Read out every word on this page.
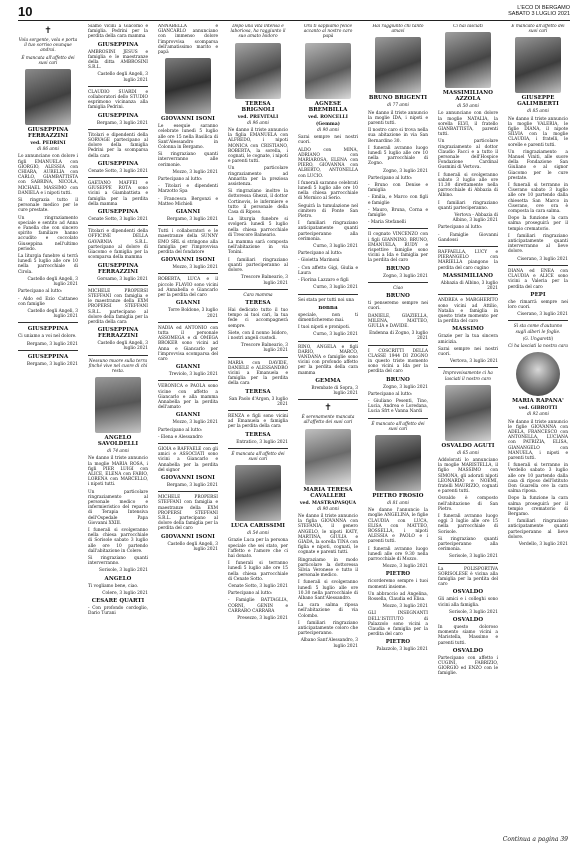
10	L'ECO DI BERGAMO
SABATO 3 LUGLIO 2021
✝

Vola sorgente, vola e porta il tuo sorriso ovunque andrai.

È mancata all'affetto dei suoi cari

GIUSEPPINA FERRAZZINI
ved. PEDRINI

di 86 anni

Lo annunciano con dolore i figli EMANUELA con GIORGIO, ALESSIA con CHIARA, AURELIA con CARLO, GIAMBATTISTA con SABRINA, NICOLA, MICHAEL MASSIMO con DANIELA e i nipoti tutti.

Si ringrazia tutto il personale medico per le cure prestate.

Un ringraziamento speciale e sentito ad Anna e Fanella che con sincero spirito familiare hanno accudito e coccolato Giuseppina nell'ultimo periodo.

La liturgia funebre si terrà lunedì 5 luglio alle ore 10 nella parrocchiale di Cirola.

Castello degli Angeli, 3 luglio 2021

Partecipano al lutto:

- Aldo ed Ezio Cattaneo con famiglie

Castello degli Angeli, 3 luglio 2021

GIUSEPPINA

Ci uniamo a voi nel dolore.

Bergamo, 3 luglio 2021

GIUSEPPINA

Bergamo, 3 luglio 2021

Siamo vicini a Giacomo e famiglia. Pedrini per la perdita della cara mamma

GIUSEPPINA

AMBROSINI JESUS e famiglia e le maestranze della ditta AMBROSINI S.R.L.

Castello degli Angeli, 3 luglio 2021

CLAUDIO SUARDI e collaboratori dello STUDIO esprimono vicinanza alla famiglia Pedrini.

GIUSEPPINA

Bergamo, 3 luglio 2021

Titolari e dipendenti della SORVAGE partecipano al dolore della famiglia Pedrini per la scomparsa della cara

GIUSEPPINA

Cenate Sotto, 3 luglio 2021

GAETANO MAFFEI e GIUSEPPE ROTA sono vicini a Giambattista e famiglia per la perdita della mamma

GIUSEPPINA

Cenate Sotto, 3 luglio 2021

Titolari e dipendenti della OFFICINE DELLA GAVARNIA S.R.L. partecipano al dolore di Giacomo e famiglia per la scomparsa della mamma

GIUSEPPINA FERRAZZINI

Gorsamo, 3 luglio 2021

MICHELE PROPERSI STEFFANI con famiglia e le maestranze della EXM PROPERSI STEFFANI S.R.L. partecipano al dolore della famiglia per la perdita della cara

GIUSEPPINA FERRAZZINI

Castello degli Angeli, 3 luglio 2021

Nessuno muore sulla terra finché vive nel cuore di chi resta.

ANGELO SAVOLDELLI

di 74 anni

Ne danno il triste annuncio la moglie MARIA ROSA, i figli PIER LUIGI con ALICE, ELENA con FABIO, LORENA con MARCELLO, i nipoti tutti.

Un particolare ringraziamento al personale medico e infermieristico del reparto di Terapia Intensiva dell'Ospedale Papa Giovanni XXIII.

I funerali si svolgeranno nella chiesa parrocchiale di Sorisole sabato 3 luglio alle ore 10 partendo dall'abitazione in Colere.

Si ringraziano quanti interverranno.

Sorisole, 3 luglio 2021

ANGELO

Ti vogliamo bene, ciao.

Colere, 3 luglio 2021

CESARE QUARTI

- Con profondo cordoglio, Dario Turani

ANNABELLA e GIANCARLO annunciano con immenso dolore l'improvvisa scomparsa dell'amatissimo marito e papà

GIOVANNI ISONI

Le esequie saranno celebrate lunedì 5 luglio alle ore 15 nella Basilica di Sant'Alessandro in Colonna in Bergamo.

Si ringraziano quanti interverranno alle cerimonie.

Mozzo, 3 luglio 2021

Partecipano al lutto:

- Titolari e dipendenti Marzotto Spa

- Francesca Bergonzi e Matteo Michieli

GIANNI

Bergamo, 3 luglio 2021

Tutti i collaboratori e le maestranze della SUNNY EMO SRL si stringono alla famiglia per l'improvvisa perdita del fondatore

GIOVANNI ISONI

Mozzo, 3 luglio 2021

ROBERTA, LUCA e il piccolo FLAVIO sono vicini ad Annabella e Giancarlo per la perdita del caro

GIANNI

Torre Boldone, 3 luglio 2021

NADIA ed ANTONIO con tutta il personale ASSOMEGA e di OMEGA BROKER sono vicini ad Anna e Giancarlo per l'improvvisa scomparsa del caro

GIANNI

Treviolo, 3 luglio 2021

VERONICA e PAOLA sono vicine con affetto a Giancarlo e alla mamma Annabella per la perdita dell'amato

GIANNI

Mozzo, 3 luglio 2021

Partecipano al lutto:

- Elena e Alessandro

GIOIA e RAFFAELE con gli amici e ASSOCIATI sono vicini a Giancarlo e Annabella per la perdita del signor

GIOVANNI ISONI

Bergamo, 3 luglio 2021

MICHELE PROPERSI STEFFANI con famiglia e maestranze della EXM PROPERSI STEFFANI S.R.L. partecipano al dolore della famiglia per la perdita del caro

GIOVANNI ISONI

Castello degli Angeli, 3 luglio 2021

Dopo una vita intensa e laboriosa, ha raggiunto il suo amato Isidoro

TERESA BRIGNOLI
ved. PREVITALI

di 96 anni

Ne danno il triste annuncio la figlia EMANUELA con ALFREDO, i nipoti MONICA con CRISTIANO, ROBERTA, la sorella, i cognati, le cognate, i nipoti e parenti tutti.

Un particolare ringraziamento ad Annarita per la preziosa assistenza.

Si ringraziano inoltre la dottoressa Ghezzi, il dottor Cortinovis, le infermiere e tutto il personale della Casa di Riposo.

La liturgia funebre si svolgerà lunedì 5 luglio nella chiesa parrocchiale di Trescore Balneario.

La mamma sarà composta nell'abitazione in via Tonini.

I familiari ringraziano quanti parteciperanno al dolore.

Trescore Balneario, 3 luglio 2021

Cara mamma

TERESA

Hai dedicato tutto il tuo tempo ai tuoi cari, la tua fede ci accompagnerà sempre.

Siete, con il nonno Isidoro, i nostri angeli custodi.

Trescore Balneario, 3 luglio 2021

MARIA con DAVIDE, DANIELE e ALESSANDRO vicini a Emanuela e famiglia per la perdita della cara

TERESA

San Paolo d'Argon, 3 luglio 2021

RENZA e figli sono vicini ad Emanuela e famiglia per la perdita della cara

TERESA

Entratico, 3 luglio 2021

È mancata all'affetto dei suoi cari

LUCA CARISSIMI

di 54 anni

Grazie Luca per la persona speciale che sei stato, per l'affetto e l'amore che ci hai donato.

I funerali si terranno lunedì 5 luglio alle ore 15 nella chiesa parrocchiale di Cenate Sotto.

Cenate Sotto, 3 luglio 2021

Partecipano al lutto:

- Famiglie BATTAGLIA, CORNI, GENIN e CARRARO CARRARA

Presezzo, 3 luglio 2021

Ora ti sappiamo felice accanto al nostro caro papà

AGNESE BREMBILLA
ved. RONCELLI
(Gemma)

di 90 anni

Sarai sempre nei nostri cuori.

ALDO con MINA, ADRIANO con MARIAROSA, ELENA con PIERO, GIOVANNA con ALBERTO, ANTONELLA con LUCIO.

I funerali saranno celebrati lunedì 5 luglio alle ore 10 nella chiesa parrocchiale di Mornico al Serio.

Seguirà la tumulazione nel cimitero di Ponte San Pietro.

I familiari ringraziano anticipatamente quanti parteciperanno alla cerimonia.

Curno, 3 luglio 2021

Partecipano al lutto:

- Gioietta Marinoni

- Con affetto Gigi, Giulia e Laura

- Fiorina Lazzaro e figli

Curno, 3 luglio 2021

Sei stata per tutti noi una

nonna

speciale, non ti dimenticheremo mai.

I tuoi nipoti e pronipoti.

Curno, 3 luglio 2021

RINO, ANGELA e figli DARIO, MARCO, VANDANA e famiglie sono vicini con profondo affetto per la perdita della cara mamma

GEMMA

Brembate di Sopra, 3 luglio 2021

✝

È serenamente mancata all'affetto dei suoi cari

MARIA TERESA CAVALLERI
ved. MASTRAPASQUA

di 90 anni

Ne danno il triste annuncio la figlia GIOVANNA con STEFANIA, il genero ANGELO, le nipoti KATY, MARTINA, GIULIA e GIADA, la sorella TINA con figlia e nipoti, cognati, le cognate e parenti tutti.

Ringraziamo in modo particolare la dottoressa Silvia Veronese e tutto il personale medico.

I funerali si svolgeranno lunedì 5 luglio alle ore 10.30 nella parrocchiale di Albano Sant'Alessandro.

La cara salma riposa nell'abitazione di via Colombo.

I familiari ringraziano anticipatamente coloro che parteciperanno.

Albano Sant'Alessandro, 3 luglio 2021

Hai raggiunto chi tanto amavi

BRUNO BRIGENTI

di 77 anni

Ne danno il triste annuncio la moglie IDA, i nipoti e parenti tutti.

Il nostro caro si trova nella sua abitazione in via San Bernardino 30.

I funerali avranno luogo lunedì 5 luglio alle ore 10 nella parrocchiale di Zogno.

Zogno, 3 luglio 2021

Partecipano al lutto:

- Bruno con Denise e famiglia

- Emilia, e Marco con figli e famiglie

- Mauro, Bruna, Corna e famiglie

- Maria Stefanelli

Il cognato VINCENZO con i figli GIANNINO, BRUNO, EMANUELA, RUDY e rispettive famiglie sono vicini a Ida e famiglia per la perdita del caro

BRUNO

Zogno, 3 luglio 2021

Ciao

BRUNO

ti penseremo sempre nei cuori.

DANIELE, GIAZIELLA, MILENA, MATTEO, GIULIA e DAVIDE.

Endenna di Zogno, 3 luglio 2021

I COSCRITTI DELLA CLASSE 1944 DI ZOGNO in questo triste momento sono vicini a Ida per la perdita del caro

BRUNO

Zogno, 3 luglio 2021

Partecipano al lutto:

- Giuliano Pesenti, Tino, Lucia, Andrea e Loredana, Lucia Sfrt e Vanna Nardi

È mancato all'affetto dei suoi cari

PIETRO FROSIO

di 81 anni

Ne danno l'annuncio la moglie ANGELINA, le figlie CLAUDIA con LUCA, ELISA con MATTEO, ROSSELLA, i nipoti ALESSIA e PAOLO e i parenti tutti.

I funerali avranno luogo lunedì alle ore 9.30 nella parrocchiale di Mozzo.

Mozzo, 3 luglio 2021

PIETRO

ricorderemo sempre i tuoi momenti insieme.

Un abbraccio ad Angelina, Rossella, Claudia ed Elisa.

Mozzo, 3 luglio 2021

GLI INSEGNANTI DELL'ISTITUTO di Palazzolo sono vicini a Claudia e famiglia per la perdita del caro

PIETRO

Palazzolo, 3 luglio 2021

Ci hai lasciati

MASSIMILIANO AZZOLA

di 50 anni

Lo annunciano con dolore la moglie NATALIA, la sorella ELVI, il fratello GIANBATTISTA, parenti tutti.

Un particolare ringraziamento al dottor Claudio Facci e a tutto il personale dell'Hospice Fondazione Cardinal Gusmini di Vertova.

I funerali si svolgeranno sabato 3 luglio alle ore 11.30 direttamente nella parrocchiale di Abbazia di Albino.

I familiari ringraziano quanti parteciperanno.

Vertova - Abbazia di Albino, 3 luglio 2021

Partecipano al lutto:

- Famiglie Giovanni Gandossi

RAFFAELLA, LUCY e PIERANGELO con MARIELLA piangono la perdita del caro cugino

MASSIMILIANO

Abbazia di Albino, 3 luglio 2021

ANDREA e MARGHERITO sono vicini ad Attilio, Natalia e famiglia in questo triste momento per la perdita del caro

MASSIMO

Grazie per la tua sincera amicizia.

Sarai sempre nei nostri cuori.

Vertova, 3 luglio 2021

Improvvisamente ci ha lasciati il nostro caro

OSVALDO AGUTI

di 65 anni

Addolorati lo annunciano la moglie MARISTELLA, il figlio MASSIMO con SIMONA, gli adorati nipoti LEONARDO e NOEMI, fratelli MAURIZIO, cognati e parenti tutti.

Osvaldo è composto nell'abitazione di San Pietro.

I funerali avranno luogo oggi 3 luglio alle ore 15 nella parrocchiale di Sorisole.

Si ringraziano quanti parteciperanno alla cerimonia.

Sorisole, 3 luglio 2021

La POLISPORTIVA SORISOLESE è vicina alla famiglia per la perdita del caro

OSVALDO

Gli amici e i colleghi sono vicini alla famiglia.

Sorisole, 3 luglio 2021

OSVALDO

In questo doloroso momento siamo vicini a Maristella, Massimo e parenti tutti.

OSVALDO

Partecipano con affetto i CUGINI, FABRIZIO, GIORGIO ed ENZO con le famiglie.

È mancato all'affetto dei suoi cari

GIUSEPPE GALIMBERTI

di 85 anni

Ne danno il triste annuncio la moglie VALERIA, le figlie DIANA, il nipote SILVIA con la moglie CLAUDIA, i fratelli, le sorelle e parenti tutti.

Un ringraziamento a Manuel Viniti, alle suore della Fondazione San Giuliano e al signor Giacomo per le cure prestate.

I funerali si terranno in Ciserano sabato 3 luglio alle ore 10 partendo dalla chiesetta San Marco in Ciserano, ove ora è composta la cara salma.

Dopo la funzione la cara salma proseguirà per il tempio crematorio.

I familiari ringraziano anticipatamente quanti interverranno al lieve dolore.

Ciserano, 3 luglio 2021

DIANA ed ENEA con CLAUDIA e ALICE sono vicini a Valeria per la perdita del caro

PEPI

che rimarrà sempre nei loro cuori.

Ciserano, 3 luglio 2021

Sì sta come d'autunno sugli alberi le foglie.

(G. Ungaretti)

Ci ha lasciati la nostra cara

MARIA RAPANA'
ved. GIBROTTI

di 92 anni

Ne danno il triste annuncio le figlie GIOVANNA con ADELA, FRANCESCO con ANTONELLA, LUCIANA con PATRIZIA, ELISA, GIANANGELO con MANUELA, i nipoti e parenti tutti.

I funerali si terranno in Verdello sabato 3 luglio alle ore 10 partendo dalla casa di riposo dell'Istituto Don Guarella ove la cara salma riposa.

Dopo la funzione la cara salma proseguirà per il tempio crematorio di Bergamo.

I familiari ringraziano anticipatamente quanti parteciperanno al lieve dolore.

Verdello, 3 luglio 2021

Continua a pagina 39
